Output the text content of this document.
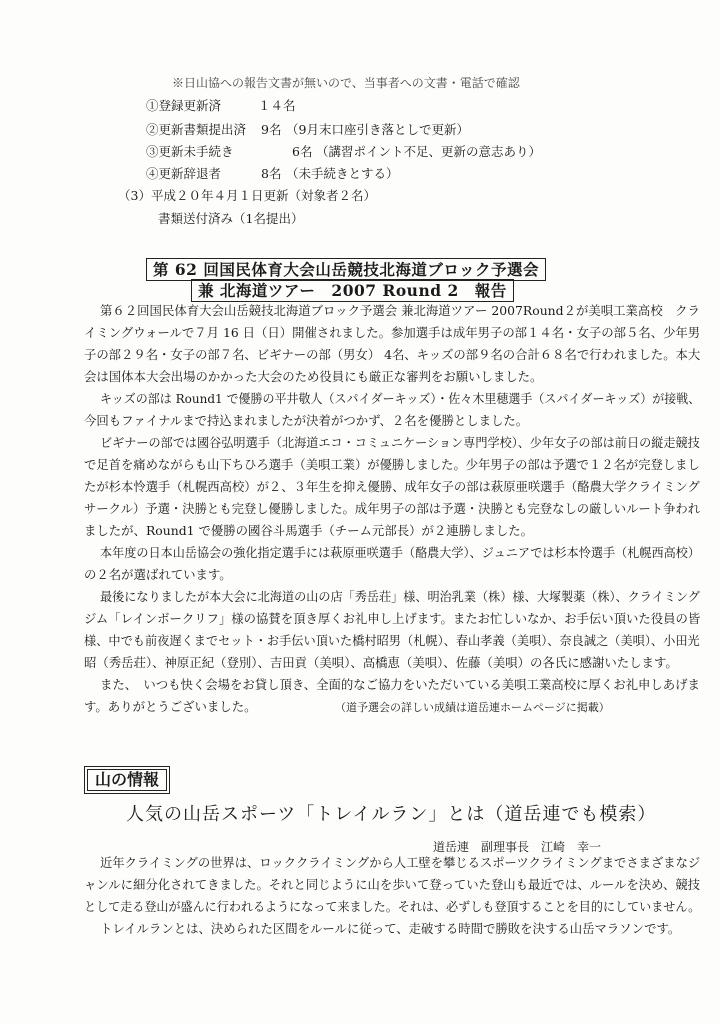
※日山協への報告文書が無いので、当事者への文書・電話で確認
①登録更新済	１４名
②更新書類提出済 9名 （9月末口座引き落としで更新）
③更新未手続き	6名 （講習ポイント不足、更新の意志あり）
④更新辞退者	8名 （未手続きとする）
（3）平成２０年４月１日更新（対象者２名）
書類送付済み（1名提出）
第 62 回国民体育大会山岳競技北海道ブロック予選会
兼 北海道ツアー　2007 Round 2　報告
第６２回国民体育大会山岳競技北海道ブロック予選会 兼北海道ツアー 2007Round２が美唄工業高校　クラ
イミングウォールで７月 16 日（日）開催されました。参加選手は成年男子の部１４名・女子の部５名、少年男
子の部２９名・女子の部７名、ビギナーの部（男女） 4名、キッズの部９名の合計６８名で行われました。本大
会は国体本大会出場のかかった大会のため役員にも厳正な審判をお願いしました。
キッズの部は Round1 で優勝の平井敬人（スパイダーキッズ）・佐々木里穂選手（スパイダーキッズ）が接戦、
今回もファイナルまで持込まれましたが決着がつかず、２名を優勝としました。
ビギナーの部では國谷弘明選手（北海道エコ・コミュニケーション専門学校）、少年女子の部は前日の縦走競技
で足首を痛めながらも山下ちひろ選手（美唄工業）が優勝しました。少年男子の部は予選で１２名が完登しまし
たが杉本怜選手（札幌西高校）が２、３年生を抑え優勝、成年女子の部は萩原亜咲選手（酪農大学クライミング
サークル）予選・決勝とも完登し優勝しました。成年男子の部は予選・決勝とも完登なしの厳しいルート争われ
ましたが、Round1 で優勝の國谷斗馬選手（チーム元部長）が２連勝しました。
本年度の日本山岳協会の強化指定選手には萩原亜咲選手（酪農大学）、ジュニアでは杉本怜選手（札幌西高校）
の２名が選ばれています。
最後になりましたが本大会に北海道の山の店「秀岳荘」様、明治乳業（株）様、大塚製薬（株）、クライミング
ジム「レインボークリフ」様の協賛を頂き厚くお礼申し上げます。またお忙しいなか、お手伝い頂いた役員の皆
様、中でも前夜遅くまでセット・お手伝い頂いた橋村昭男（札幌）、春山孝義（美唄）、奈良誠之（美唄）、小田光
昭（秀岳荘）、神原正紀（登別）、吉田貢（美唄）、高橋恵（美唄）、佐藤（美唄）の各氏に感謝いたします。
また、　いつも快く会場をお貸し頂き、全面的なご協力をいただいている美唄工業高校に厚くお礼申しあげま
す。ありがとうございました。	（道予選会の詳しい成績は道岳連ホームページに掲載）
山の情報
人気の山岳スポーツ「トレイルラン」とは（道岳連でも模索）
道岳連　副理事長　江崎　幸一
近年クライミングの世界は、ロッククライミングから人工壁を攀じるスポーツクライミングまでさまざまなジ
ャンルに細分化されてきました。それと同じように山を歩いて登っていた登山も最近では、ルールを決め、競技
として走る登山が盛んに行われるようになって来ました。それは、必ずしも登頂することを目的にしていません。
トレイルランとは、決められた区間をルールに従って、走破する時間で勝敗を決する山岳マラソンです。
